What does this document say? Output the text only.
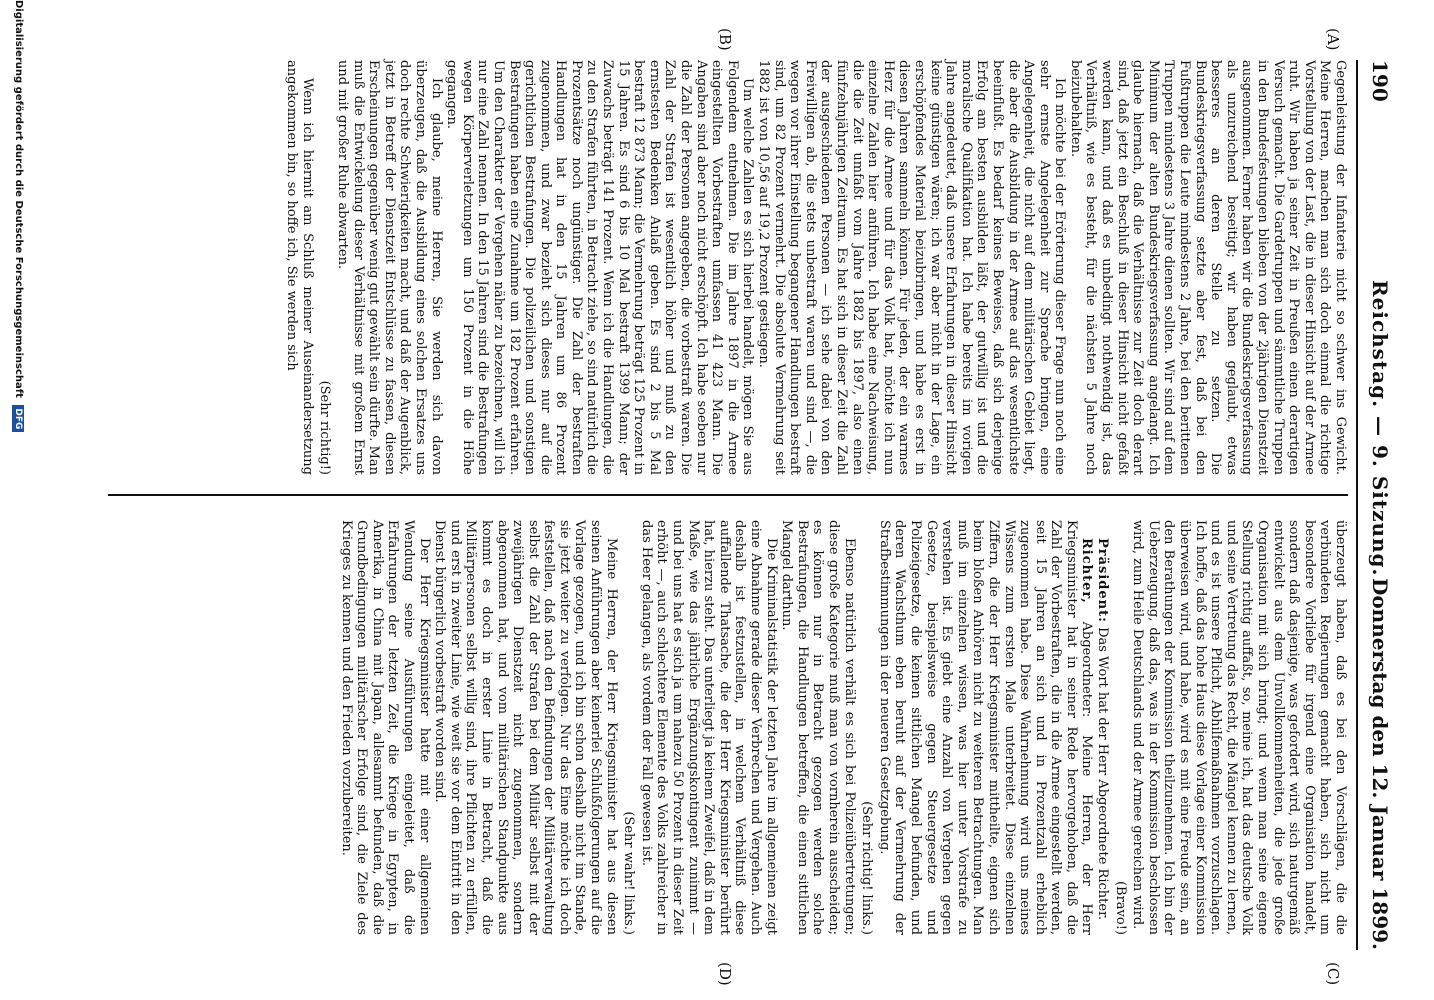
190
Reichstag. — 9. Sitzung.
Donnerstag den 12. Januar 1899.
(A)
(B)
(C)
(D)

Gegenleistung der Infanterie nicht so schwer ins Gewicht. Meine Herren, machen man sich doch einmal die richtige Vorstellung von der Last, die in dieser Hinsicht auf der Armee ruht. Wir haben ja seiner Zeit in Preußen einen derartigen Versuch gemacht. Die Gardetruppen und sämmtliche Truppen in den Bundesfestungen blieben von der 2jährigen Dienstzeit ausgenommen. Ferner haben wir die Bundeskriegsverfassung als unzureichend beseitigt; wir haben geglaubt, etwas besseres an deren Stelle zu setzen. Die Bundeskriegsverfassung setzte aber fest, daß bei den Fußtruppen die Leute mindestens 2 Jahre, bei den berittenen Truppen mindestens 3 Jahre dienen sollten. Wir sind auf dem Minimum der alten Bundeskriegsverfassung angelangt. Ich glaube hiernach, daß die Verhältnisse zur Zeit doch derart sind, daß jetzt ein Beschluß in dieser Hinsicht nicht gefaßt werden kann, und daß es unbedingt nothwendig ist, das Verhältniß, wie es besteht, für die nächsten 5 Jahre noch beizubehalten.

Ich möchte bei der Erörterung dieser Frage nun noch eine sehr ernste Angelegenheit zur Sprache bringen, eine Angelegenheit, die nicht auf dem militärischen Gebiet liegt, die aber die Ausbildung in der Armee auf das wesentlichste beeinflußt. Es bedarf keines Beweises, daß sich derjenige Erfolg am besten ausbilden läßt, der gutwillig ist und die moralische Qualifikation hat. Ich habe bereits im vorigen Jahre angedeutet, daß unsere Erfahrungen in dieser Hinsicht keine günstigen wären; ich war aber nicht in der Lage, ein erschöpfendes Material beizubringen, und habe es erst in diesen Jahren sammeln können. Für jeden, der ein warmes Herz für die Armee und für das Volk hat, möchte ich nun einzelne Zahlen hier anführen. Ich habe eine Nachweisung, die die Zeit umfaßt vom Jahre 1882 bis 1897, also einen fünfzehnjährigen Zeitraum. Es hat sich in dieser Zeit die Zahl der ausgeschiedenen Personen — ich sehe dabei von den Freiwilligen ab, die stets unbestraft waren und sind —, die wegen vor ihrer Einstellung begangener Handlungen bestraft sind, um 82 Prozent vermehrt. Die absolute Vermehrung seit 1882 ist von 10,56 auf 19,2 Prozent gestiegen.

Um welche Zahlen es sich hierbei handelt, mögen Sie aus Folgendem entnehmen. Die im Jahre 1897 in die Armee eingestellten Vorbestraften umfassen 41 423 Mann. Die Angaben sind aber noch nicht erschöpft. Ich habe soeben nur die Zahl der Personen angegeben, die vorbestraft waren. Die Zahl der Strafen ist wesentlich höher und muß zu den ernstesten Bedenken Anlaß geben. Es sind 2 bis 5 Mal bestraft 12 873 Mann; die Vermehrung beträgt 125 Prozent in 15 Jahren. Es sind 6 bis 10 Mal bestraft 1399 Mann; der Zuwachs beträgt 141 Prozent. Wenn ich die Handlungen, die zu den Strafen führten, in Betracht ziehe, so sind natürlich die Prozentsätze noch ungünstiger. Die Zahl der bestraften Handlungen hat in den 15 Jahren um 86 Prozent zugenommen, und zwar bezieht sich dieses nur auf die gerichtlichen Bestrafungen. Die polizeilichen und sonstigen Bestrafungen haben eine Zunahme um 182 Prozent erfahren. Um den Charakter der Vergehen näher zu bezeichnen, will ich nur eine Zahl nennen. In den 15 Jahren sind die Bestrafungen wegen Körperverletzungen um 150 Prozent in die Höhe gegangen.

Ich glaube, meine Herren, Sie werden sich davon überzeugen, daß die Ausbildung eines solchen Ersatzes uns doch rechte Schwierigkeiten macht, und daß der Augenblick, jetzt in Betreff der Dienstzeit Entschlüsse zu fassen, diesen Erscheinungen gegenüber wenig gut gewählt sein dürfte. Man muß die Entwickelung dieser Verhältnisse mit großem Ernst und mit großer Ruhe abwarten.

(Sehr richtig!)

Wenn ich hiermit am Schluß meiner Auseinandersetzung angekommen bin, so hoffe ich, Sie werden sich

überzeugt haben, daß es bei den Vorschlägen, die die verbündeten Regierungen gemacht haben, sich nicht um besondere Vorliebe für irgend eine Organisation handelt, sondern daß dasjenige, was gefordert wird, sich naturgemäß entwickelt aus dem Unvollkommenheiten, die jede große Organisation mit sich bringt; und wenn man seine eigene Stellung richtig auffaßt, so, meine ich, hat das deutsche Volk und seine Vertretung das Recht, die Mängel kennen zu lernen, und es ist unsere Pflicht, Abhilfemaßnahmen vorzuschlagen. Ich hoffe, daß das hohe Haus diese Vorlage einer Kommission überweisen wird, und habe, wird es mit eine Freude sein, an den Berathungen der Kommission theilzunehmen. Ich bin der Ueberzeugung, daß das, was in der Kommission beschlossen wird, zum Heile Deutschlands und der Armee gereichen wird.

(Bravo!)

Präsident: Das Wort hat der Herr Abgeordnete Richter.

Richter, Abgeordneter: Meine Herren, der Herr Kriegsminister hat in seiner Rede hervorgehoben, daß die Zahl der Vorbestraften, die in die Armee eingestellt werden, seit 15 Jahren an sich und in Prozentzahl erheblich zugenommen habe. Diese Wahrnehmung wird uns meines Wissens zum ersten Male unterbreitet. Diese einzelnen Ziffern, die der Herr Kriegsminister mittheilte, eignen sich beim bloßen Anhören nicht zu weiteren Betrachtungen. Man muß im einzelnen wissen, was hier unter Vorstrafe zu verstehen ist. Es giebt eine Anzahl von Vergehen gegen Gesetze, beispielsweise gegen Steuergesetze und Polizeigesetze, die keinen sittlichen Mangel befunden, und deren Wachsthum eben beruht auf der Vermehrung der Strafbestimmungen in der neueren Gesetzgebung.

(Sehr richtig! links.)

Ebenso natürlich verhält es sich bei Polizeiübertretungen; diese große Kategorie muß man von vornherein ausscheiden; es können nur in Betracht gezogen werden solche Bestrafungen, die Handlungen betreffen, die einen sittlichen Mangel darthun.

Die Kriminalstatistik der letzten Jahre im allgemeinen zeigt eine Abnahme gerade dieser Verbrechen und Vergehen. Auch deshalb ist festzustellen, in welchem Verhältniß diese auffallende Thatsache, die der Herr Kriegsminister berührt hat, hierzu steht. Das unterliegt ja keinem Zweifel, daß in dem Maße, wie das jährliche Ergänzungskontingent zunimmt — und bei uns hat es sich ja um nahezu 50 Prozent in dieser Zeit erhöht —, auch schlechtere Elemente des Volks zahlreicher in das Heer gelangen, als vordem der Fall gewesen ist.

(Sehr wahr! links.)

Meine Herren, der Herr Kriegsminister hat aus diesen seinen Anführungen aber keinerlei Schlußfolgerungen auf die Vorlage gezogen, und ich bin schon deshalb nicht im Stande, sie jetzt weiter zu verfolgen. Nur das Eine möchte ich doch feststellen, daß nach den Befindungen der Militärverwaltung selbst die Zahl der Strafen bei dem Militär selbst mit der zweijährigen Dienstzeit nicht zugenommen, sondern abgenommen hat, und vom militärischen Standpunkte aus kommt es doch in erster Linie in Betracht, daß die Militärpersonen selbst willig sind, ihre Pflichten zu erfüllen, und erst in zweiter Linie, wie weit sie vor dem Eintritt in den Dienst bürgerlich vorbestraft worden sind.

Der Herr Kriegsminister hatte mit einer allgemeinen Wendung seine Ausführungen eingeleitet, daß die Erfahrungen der letzten Zeit, die Kriege in Egypten, in Amerika, in China mit Japan, allesammt befunden, daß die Grundbedingungen militärischer Erfolge sind, die Ziele des Krieges zu kennen und den Frieden vorzubereiten.

Digitalisierung gefördert durch die Deutsche Forschungsgemeinschaft DFG
